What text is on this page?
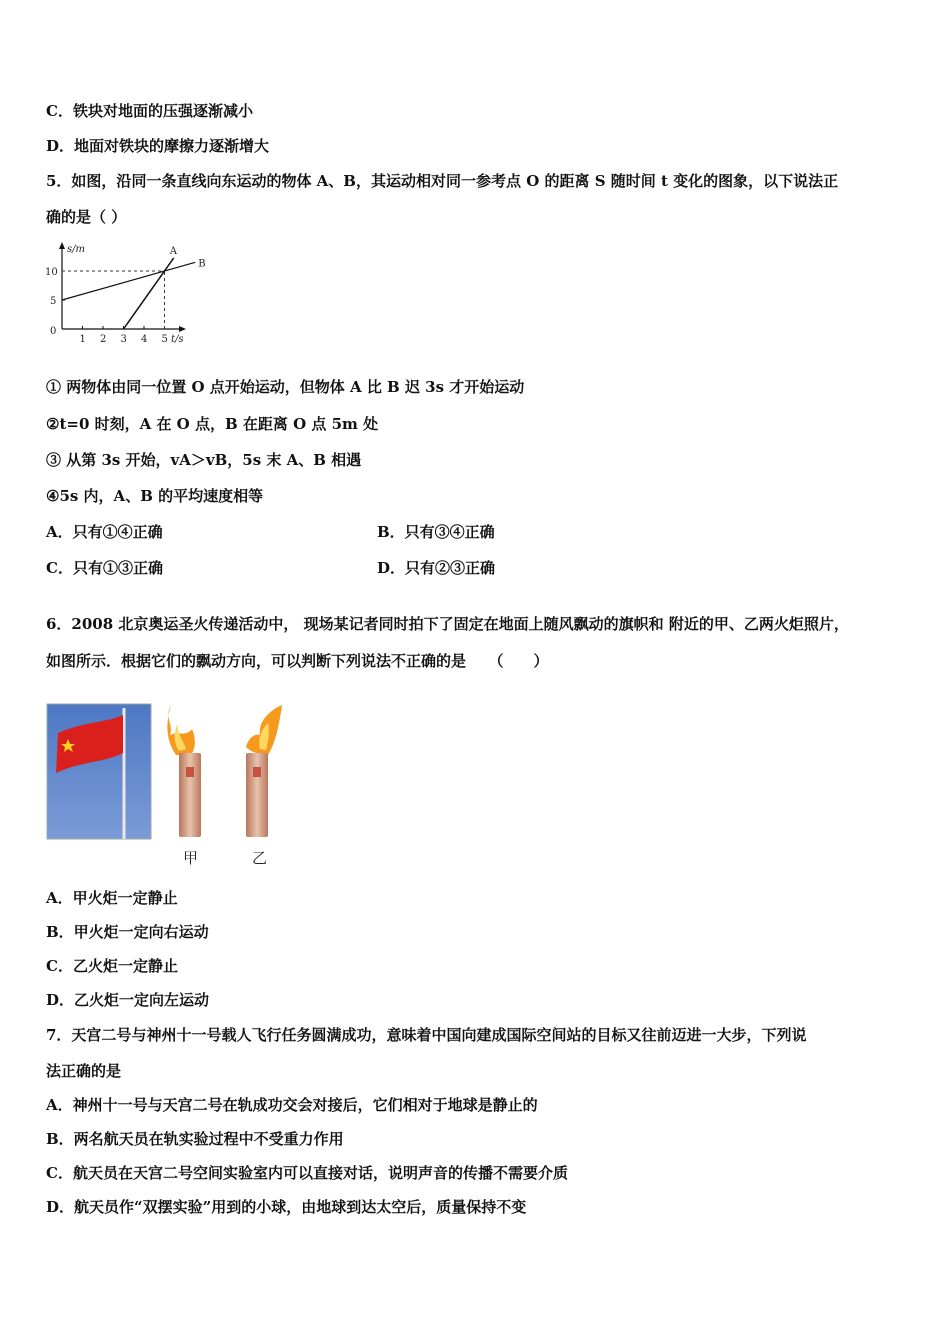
C．铁块对地面的压强逐渐减小
D．地面对铁块的摩擦力逐渐增大
5．如图，沿同一条直线向东运动的物体 A、B，其运动相对同一参考点 O 的距离 S 随时间 t 变化的图象，以下说法正
确的是（ ）
s/m
t/s
1 2 3 4 5
0
5
10
A
B
① 两物体由同一位置 O 点开始运动，但物体 A 比 B 迟 3s 才开始运动
②t=0 时刻，A 在 O 点，B 在距离 O 点 5m 处
③ 从第 3s 开始，vA＞vB，5s 末 A、B 相遇
④5s 内，A、B 的平均速度相等
A．只有①④正确	B．只有③④正确
C．只有①③正确	D．只有②③正确
6．2008 北京奥运圣火传递活动中， 现场某记者同时拍下了固定在地面上随风飘动的旗帜和 附近的甲、乙两火炬照片，
如图所示．根据它们的飘动方向，可以判断下列说法不正确的是　　（　　）
甲	乙
A．甲火炬一定静止
B．甲火炬一定向右运动
C．乙火炬一定静止
D．乙火炬一定向左运动
7．天宫二号与神州十一号载人飞行任务圆满成功，意味着中国向建成国际空间站的目标又往前迈进一大步，下列说
法正确的是
A．神州十一号与天宫二号在轨成功交会对接后，它们相对于地球是静止的
B．两名航天员在轨实验过程中不受重力作用
C．航天员在天宫二号空间实验室内可以直接对话，说明声音的传播不需要介质
D．航天员作“双摆实验”用到的小球，由地球到达太空后，质量保持不变
